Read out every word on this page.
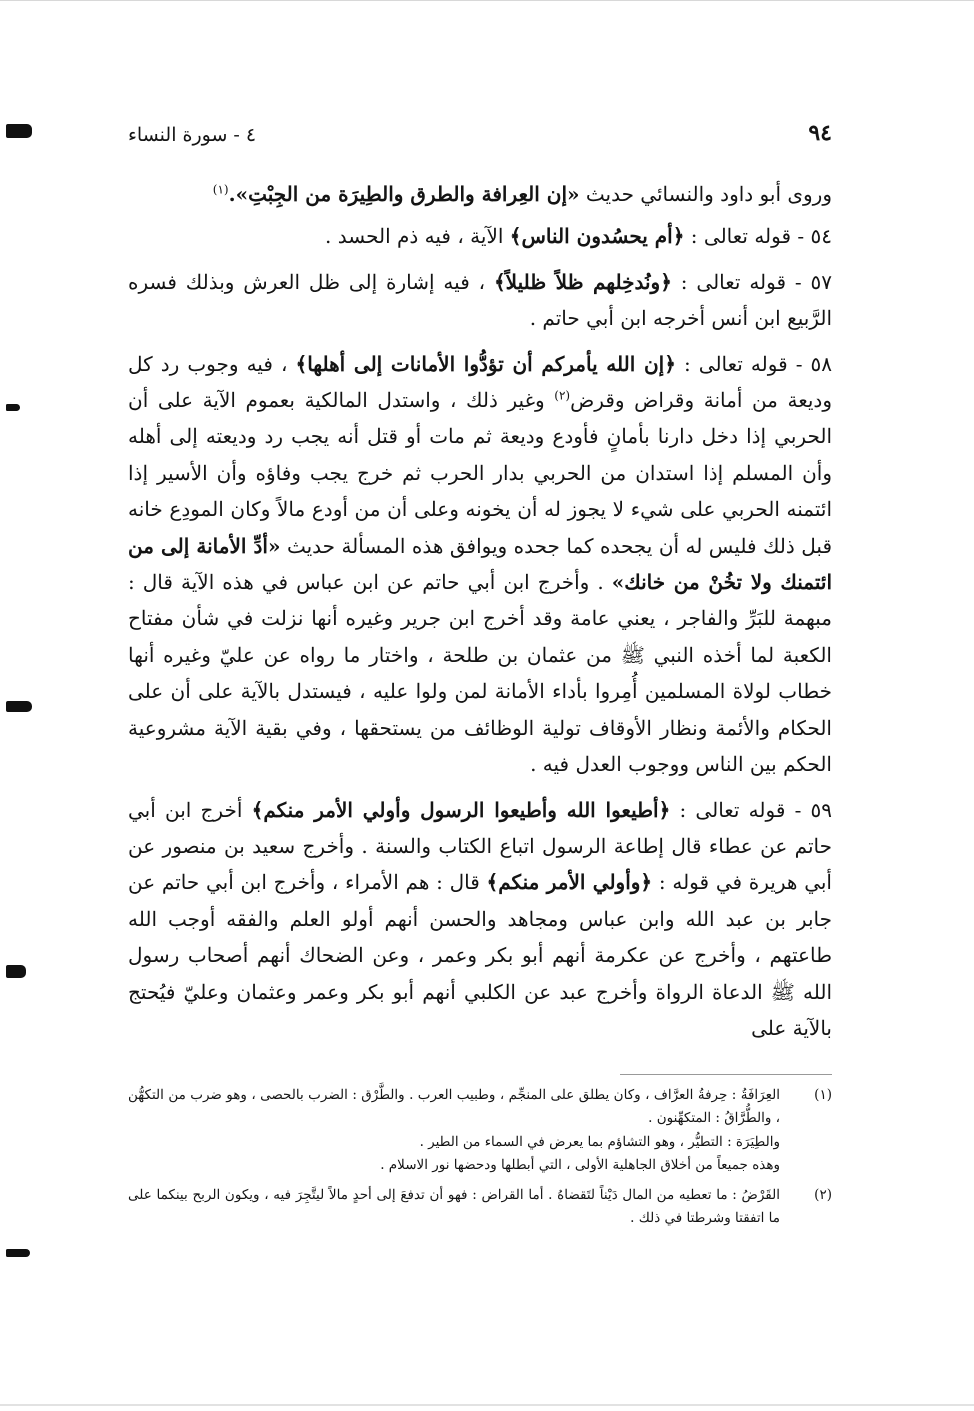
٩٤
٤ - سورة النساء

وروى أبو داود والنسائي حديث «إن العِرافة والطرق والطِيرَة من الجِبْتِ».$^{(١)}$

٥٤ - قوله تعالى : ﴿أم يحسُدون الناس﴾ الآية ، فيه ذم الحسد .

٥٧ - قوله تعالى : ﴿ونُدخِلهم ظلاً ظليلاً﴾ ، فيه إشارة إلى ظل العرش وبذلك فسره الرَّبيع ابن أنس أخرجه ابن أبي حاتم .

٥٨ - قوله تعالى : ﴿إن الله يأمركم أن تؤدُّوا الأمانات إلى أهلها﴾ ، فيه وجوب رد كل وديعة من أمانة وقراض وقرض$^{(٢)}$ وغير ذلك ، واستدل المالكية بعموم الآية على أن الحربي إذا دخل دارنا بأمانٍ فأودع وديعة ثم مات أو قتل أنه يجب رد وديعته إلى أهله وأن المسلم إذا استدان من الحربي بدار الحرب ثم خرج يجب وفاؤه وأن الأسير إذا ائتمنه الحربي على شيء لا يجوز له أن يخونه وعلى أن من أودع مالاً وكان المودِع خانه قبل ذلك فليس له أن يجحده كما جحده ويوافق هذه المسألة حديث «أدِّ الأمانة إلى من ائتمنك ولا تخُنْ من خانك» . وأخرج ابن أبي حاتم عن ابن عباس في هذه الآية قال : مبهمة للبَرِّ والفاجر ، يعني عامة وقد أخرج ابن جرير وغيره أنها نزلت في شأن مفتاح الكعبة لما أخذه النبي ﷺ من عثمان بن طلحة ، واختار ما رواه عن عليّ وغيره أنها خطاب لولاة المسلمين أُمِروا بأداء الأمانة لمن ولوا عليه ، فيستدل بالآية على أن على الحكام والأئمة ونظار الأوقاف تولية الوظائف من يستحقها ، وفي بقية الآية مشروعية الحكم بين الناس ووجوب العدل فيه .

٥٩ - قوله تعالى : ﴿أطيعوا الله وأطيعوا الرسول وأولي الأمر منكم﴾ أخرج ابن أبي حاتم عن عطاء قال إطاعة الرسول اتباع الكتاب والسنة . وأخرج سعيد بن منصور عن أبي هريرة في قوله : ﴿وأولي الأمر منكم﴾ قال : هم الأمراء ، وأخرج ابن أبي حاتم عن جابر بن عبد الله وابن عباس ومجاهد والحسن أنهم أولو العلم والفقه أوجب الله طاعتهم ، وأخرج عن عكرمة أنهم أبو بكر وعمر ، وعن الضحاك أنهم أصحاب رسول الله ﷺ الدعاة الرواة وأخرج عبد عن الكلبي أنهم أبو بكر وعمر وعثمان وعليّ فيُحتج بالآية على

(١)
العِرَافَةُ : حِرفةُ العرَّاف ، وكان يطلق على المنجِّم ، وطبيب العرب . والطَّرْق : الضرب بالحصى ، وهو ضرب من التكهُّن ، والطُّرَّاقُ : المتكهِّنون .
والطِيَرَة : التطيُّر ، وهو التشاؤم بما يعرض في السماء من الطير .
وهذه جميعاً من أخلاق الجاهلية الأولى ، التي أبطلها ودحضها نور الاسلام .
(٢)
القَرْضُ : ما تعطيه من المال دَيْناً لتَقضاهُ . أما القراض : فهو أن تدفعَ إلى أحدٍ مالاً ليتَّجِرَ فيه ، ويكون الربح بينكما على ما اتفقتا وشرطتا في ذلك .
